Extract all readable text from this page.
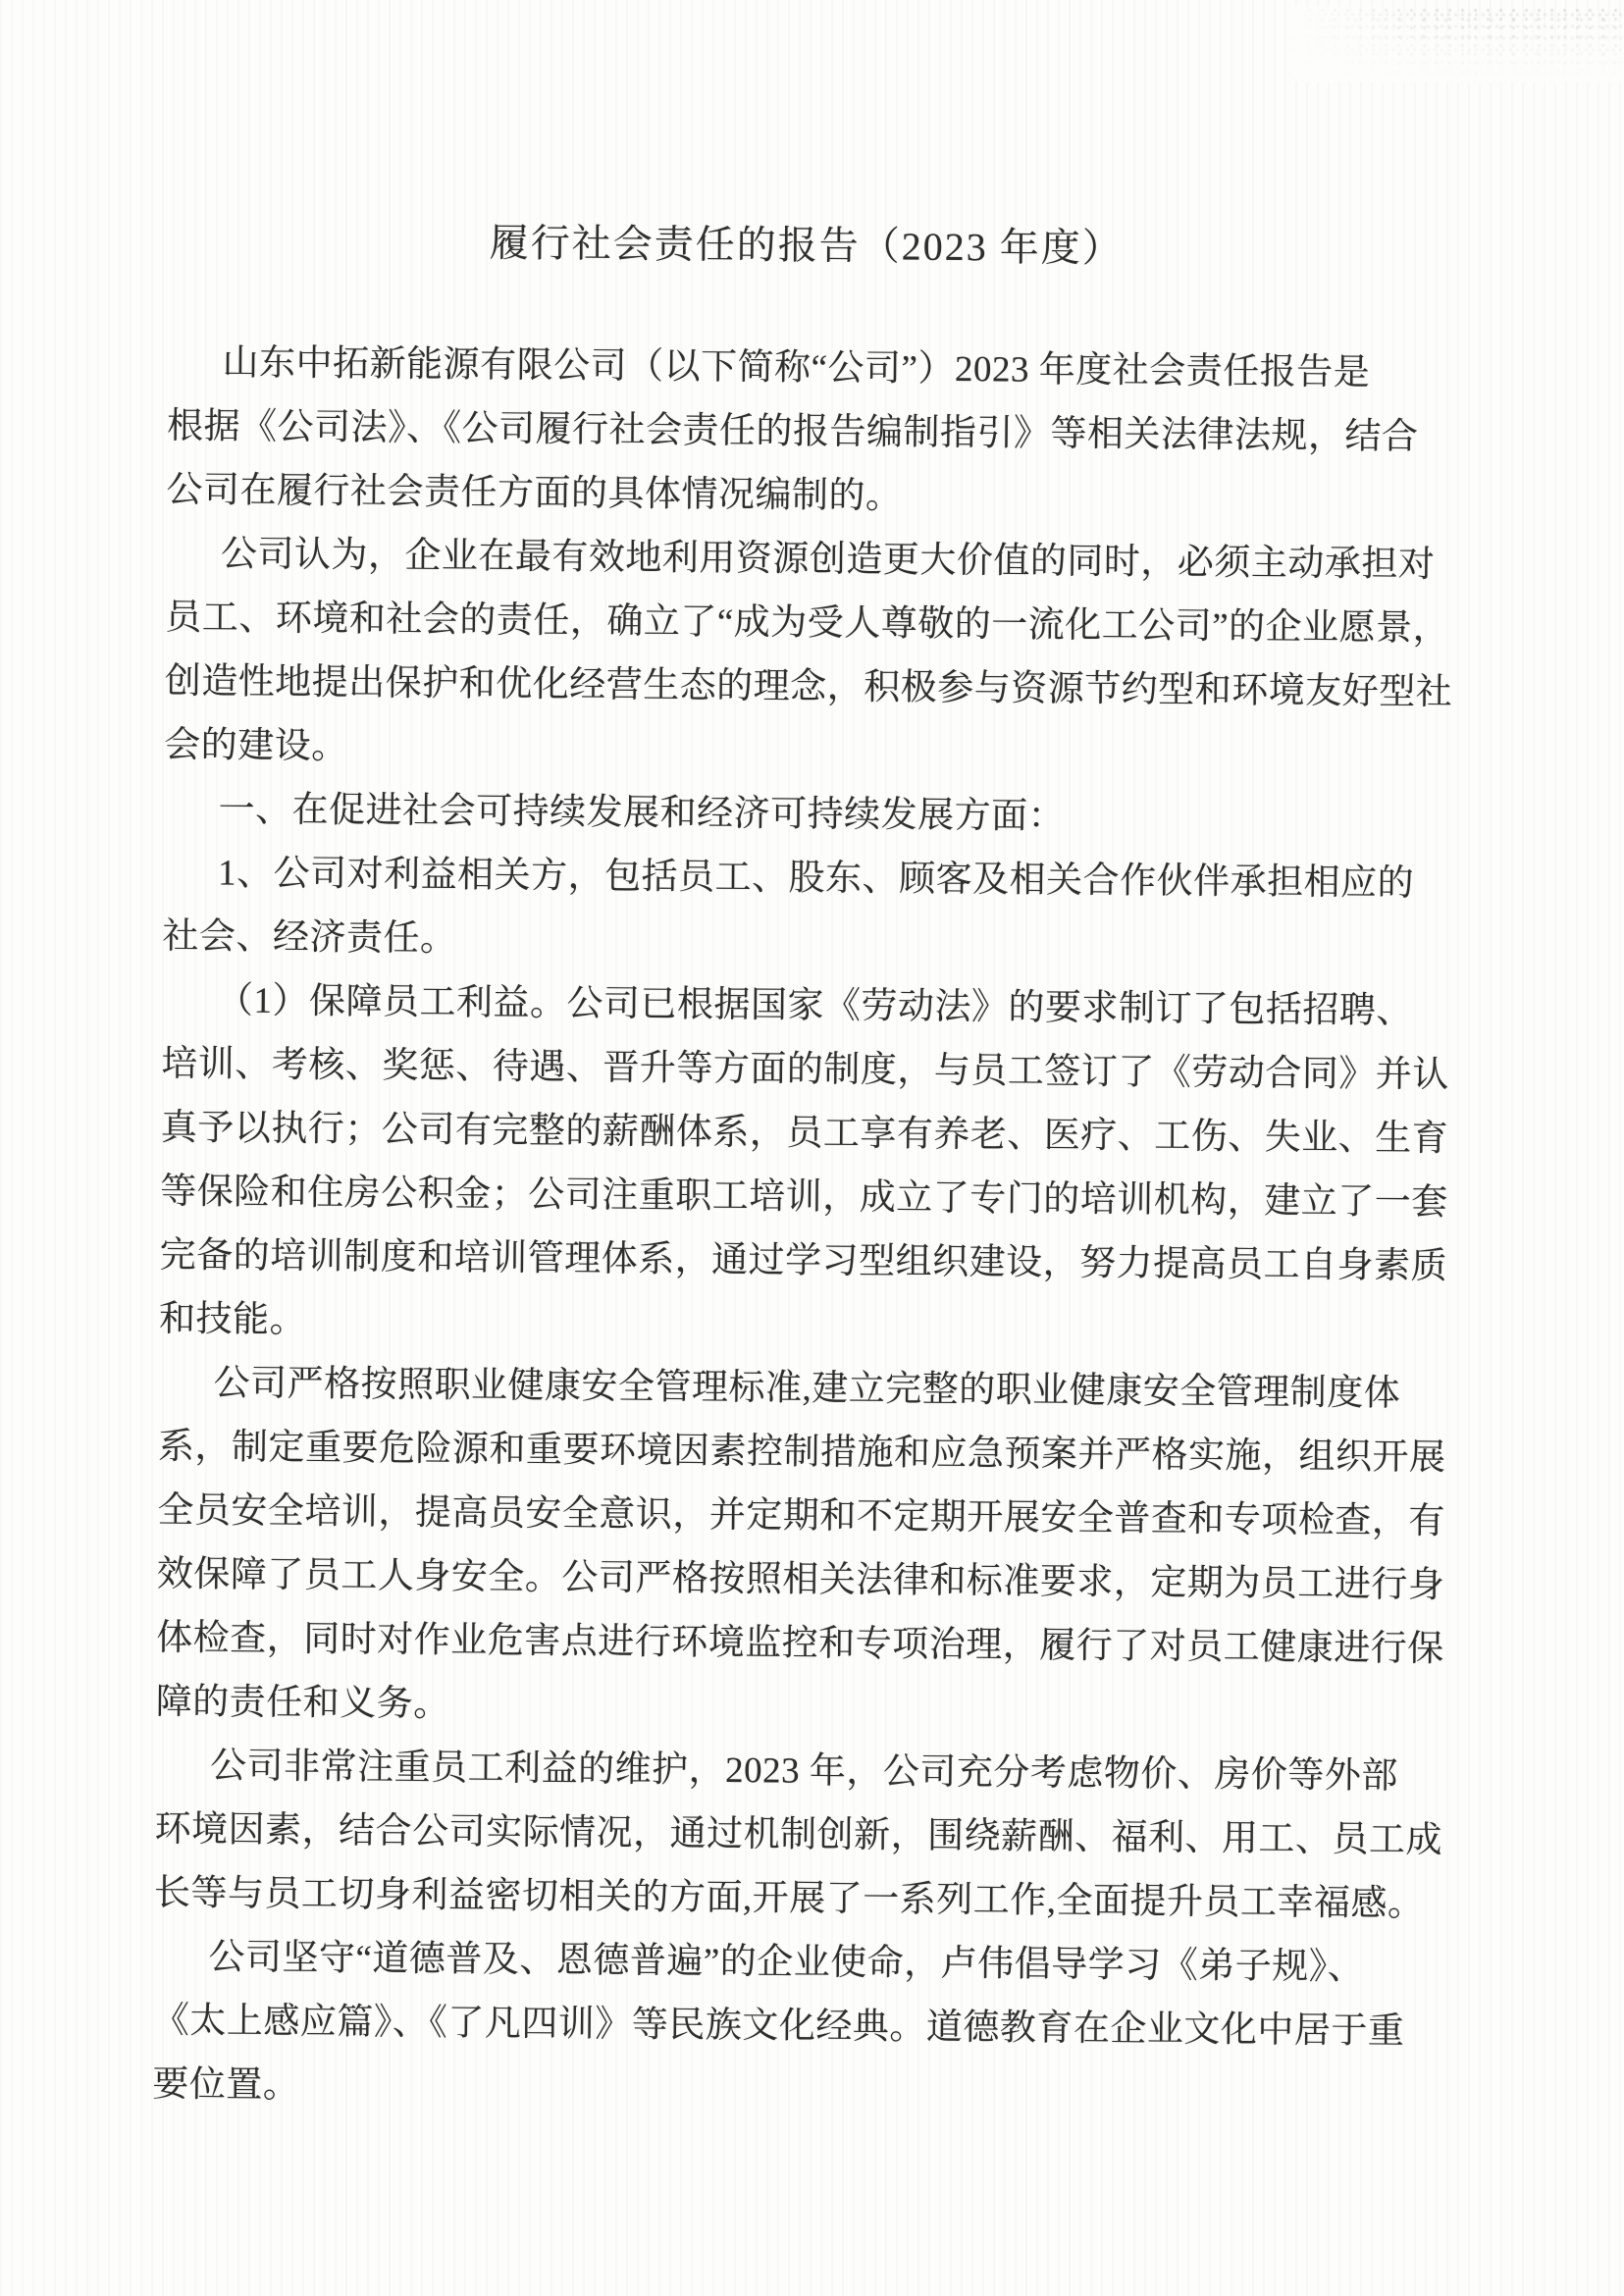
履行社会责任的报告（2023 年度）

山东中拓新能源有限公司（以下简称“公司”）2023 年度社会责任报告是
根据《公司法》、《公司履行社会责任的报告编制指引》等相关法律法规，结合
公司在履行社会责任方面的具体情况编制的。

公司认为，企业在最有效地利用资源创造更大价值的同时，必须主动承担对
员工、环境和社会的责任，确立了“成为受人尊敬的一流化工公司”的企业愿景，
创造性地提出保护和优化经营生态的理念，积极参与资源节约型和环境友好型社
会的建设。

一、在促进社会可持续发展和经济可持续发展方面：

1、公司对利益相关方，包括员工、股东、顾客及相关合作伙伴承担相应的
社会、经济责任。

（1）保障员工利益。公司已根据国家《劳动法》的要求制订了包括招聘、
培训、考核、奖惩、待遇、晋升等方面的制度，与员工签订了《劳动合同》并认
真予以执行；公司有完整的薪酬体系，员工享有养老、医疗、工伤、失业、生育
等保险和住房公积金；公司注重职工培训，成立了专门的培训机构，建立了一套
完备的培训制度和培训管理体系，通过学习型组织建设，努力提高员工自身素质
和技能。

公司严格按照职业健康安全管理标准,建立完整的职业健康安全管理制度体
系，制定重要危险源和重要环境因素控制措施和应急预案并严格实施，组织开展
全员安全培训，提高员安全意识，并定期和不定期开展安全普查和专项检查，有
效保障了员工人身安全。公司严格按照相关法律和标准要求，定期为员工进行身
体检查，同时对作业危害点进行环境监控和专项治理，履行了对员工健康进行保
障的责任和义务。

公司非常注重员工利益的维护，2023 年，公司充分考虑物价、房价等外部
环境因素，结合公司实际情况，通过机制创新，围绕薪酬、福利、用工、员工成
长等与员工切身利益密切相关的方面,开展了一系列工作,全面提升员工幸福感。

公司坚守“道德普及、恩德普遍”的企业使命，卢伟倡导学习《弟子规》、
《太上感应篇》、《了凡四训》等民族文化经典。道德教育在企业文化中居于重
要位置。
